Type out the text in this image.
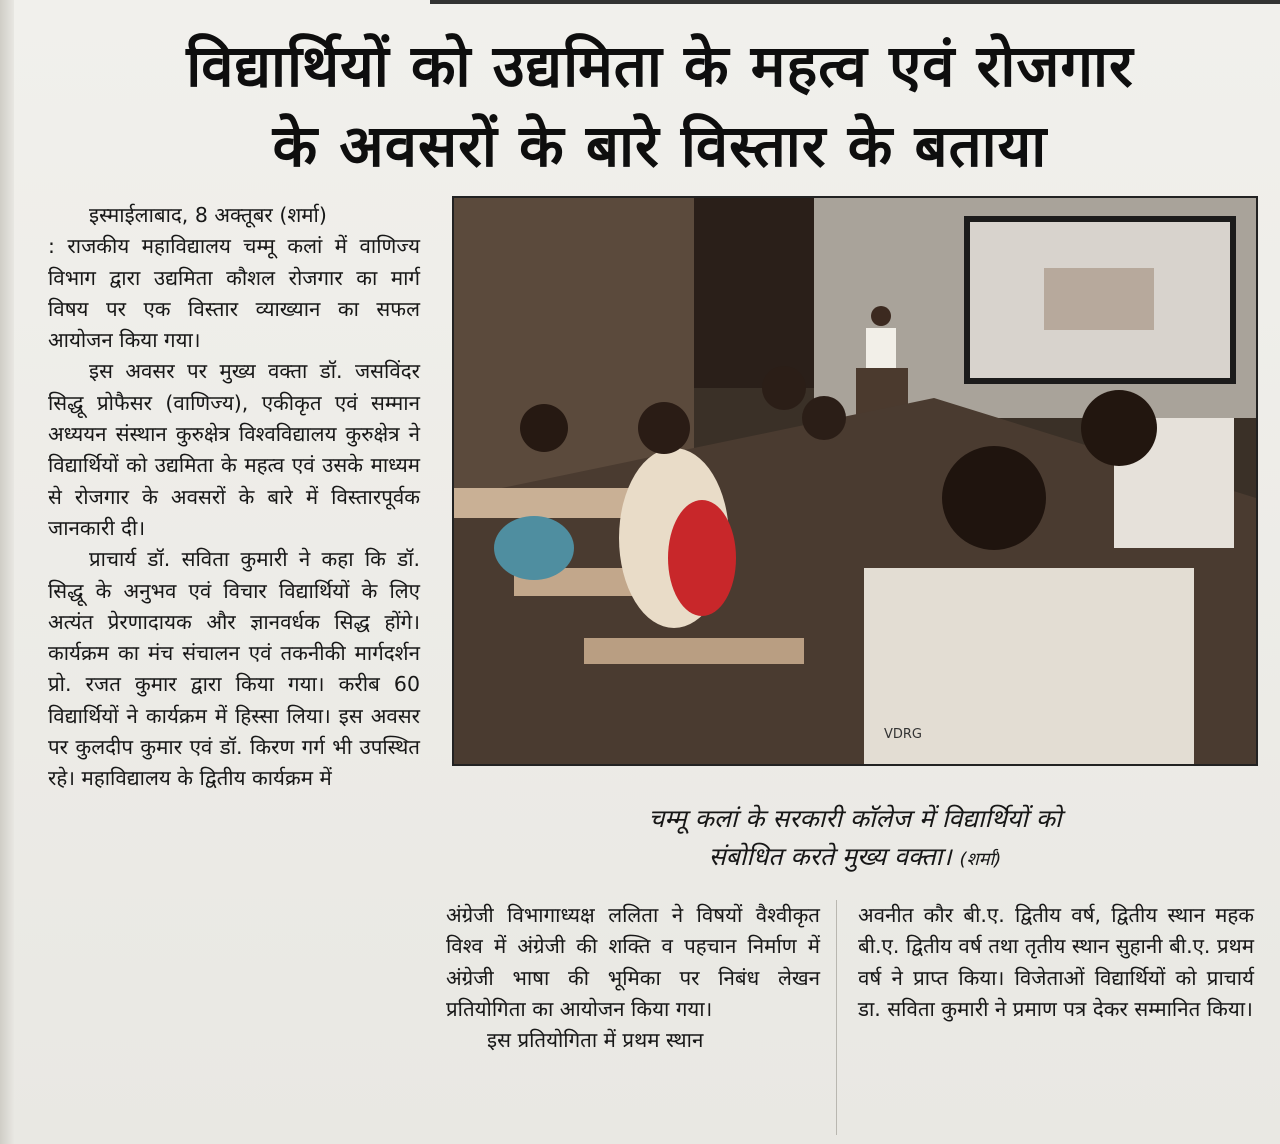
विद्यार्थियों को उद्यमिता के महत्व एवं रोजगार
के अवसरों के बारे विस्तार के बताया

इस्माईलाबाद, 8 अक्तूबर (शर्मा)

: राजकीय महाविद्यालय चम्मू कलां में वाणिज्य विभाग द्वारा उद्यमिता कौशल रोजगार का मार्ग विषय पर एक विस्तार व्याख्यान का सफल आयोजन किया गया।

इस अवसर पर मुख्य वक्ता डॉ. जसविंदर सिद्धू प्रोफैसर (वाणिज्य), एकीकृत एवं सम्मान अध्ययन संस्थान कुरुक्षेत्र विश्वविद्यालय कुरुक्षेत्र ने विद्यार्थियों को उद्यमिता के महत्व एवं उसके माध्यम से रोजगार के अवसरों के बारे में विस्तारपूर्वक जानकारी दी।

प्राचार्य डॉ. सविता कुमारी ने कहा कि डॉ. सिद्धू के अनुभव एवं विचार विद्यार्थियों के लिए अत्यंत प्रेरणादायक और ज्ञानवर्धक सिद्ध होंगे। कार्यक्रम का मंच संचालन एवं तकनीकी मार्गदर्शन प्रो. रजत कुमार द्वारा किया गया। करीब 60 विद्यार्थियों ने कार्यक्रम में हिस्सा लिया। इस अवसर पर कुलदीप कुमार एवं डॉ. किरण गर्ग भी उपस्थित रहे। महाविद्यालय के द्वितीय कार्यक्रम में

VDRG
चम्मू कलां के सरकारी कॉलेज में विद्यार्थियों को
संबोधित करते मुख्य वक्ता। (शर्मा)

अंग्रेजी विभागाध्यक्ष ललिता ने विषयों वैश्वीकृत विश्व में अंग्रेजी की शक्ति व पहचान निर्माण में अंग्रेजी भाषा की भूमिका पर निबंध लेखन प्रतियोगिता का आयोजन किया गया।

इस प्रतियोगिता में प्रथम स्थान

अवनीत कौर बी.ए. द्वितीय वर्ष, द्वितीय स्थान महक बी.ए. द्वितीय वर्ष तथा तृतीय स्थान सुहानी बी.ए. प्रथम वर्ष ने प्राप्त किया। विजेताओं विद्यार्थियों को प्राचार्य डा. सविता कुमारी ने प्रमाण पत्र देकर सम्मानित किया।
